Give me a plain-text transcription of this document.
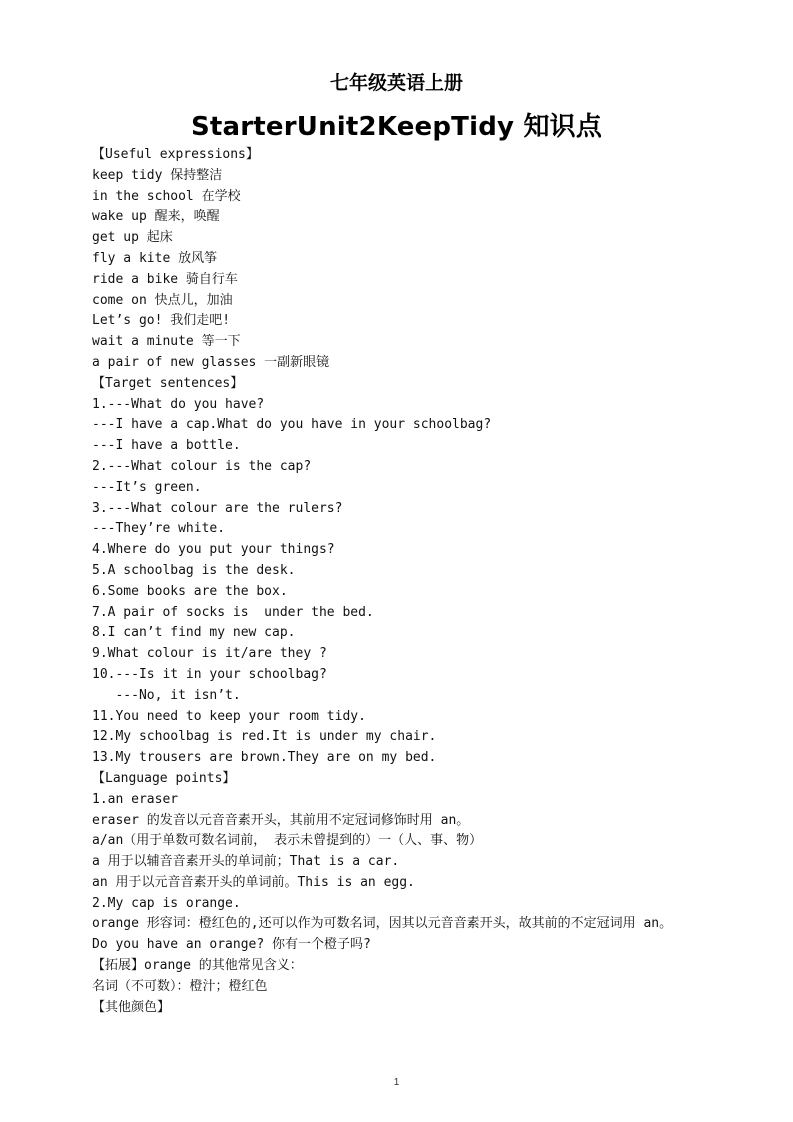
七年级英语上册
StarterUnit2KeepTidy 知识点
【Useful expressions】
keep tidy 保持整洁
in the school 在学校
wake up 醒来，唤醒
get up 起床
fly a kite 放风筝
ride a bike 骑自行车
come on 快点儿，加油
Let’s go! 我们走吧!
wait a minute 等一下
a pair of new glasses 一副新眼镜
【Target sentences】
1.---What do you have?
---I have a cap.What do you have in your schoolbag?
---I have a bottle.
2.---What colour is the cap?
---It’s green.
3.---What colour are the rulers?
---They’re white.
4.Where do you put your things?
5.A schoolbag is the desk.
6.Some books are the box.
7.A pair of socks is  under the bed.
8.I can’t find my new cap.
9.What colour is it/are they ?
10.---Is it in your schoolbag?
---No, it isn’t.
11.You need to keep your room tidy.
12.My schoolbag is red.It is under my chair.
13.My trousers are brown.They are on my bed.
【Language points】
1.an eraser
eraser 的发音以元音音素开头，其前用不定冠词修饰时用 an。
a/an（用于单数可数名词前， 表示未曾提到的）一（人、事、物）
a 用于以辅音音素开头的单词前；That is a car.
an 用于以元音音素开头的单词前。This is an egg.
2.My cap is orange.
orange 形容词：橙红色的,还可以作为可数名词，因其以元音音素开头，故其前的不定冠词用 an。
Do you have an orange? 你有一个橙子吗?
【拓展】orange 的其他常见含义：
名词（不可数）：橙汁；橙红色
【其他颜色】
1
